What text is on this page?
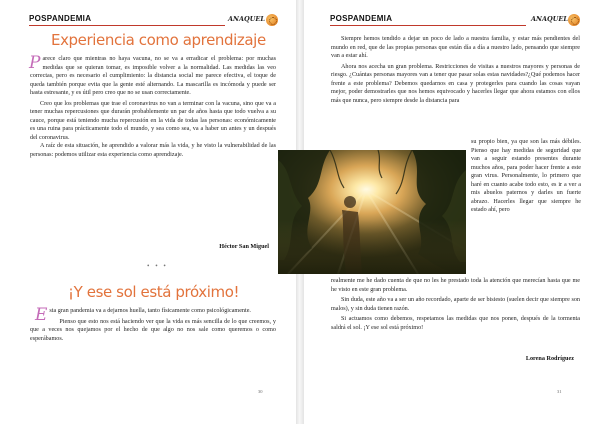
POSPANDEMIA	ANAQUEL
Experiencia como aprendizaje

Parece claro que mientras no haya vacuna, no se va a erradicar el problema: por muchas medidas que se quieran tomar, es imposible volver a la normalidad. Las medidas las veo correctas, pero es necesario el cumplimiento: la distancia social me parece efectiva, el toque de queda también porque evita que la gente esté alternando. La mascarilla es incómoda y puede ser hasta estresante, y es útil pero creo que no se usan correctamente.

Creo que los problemas que trae el coronavirus no van a terminar con la vacuna, sino que va a tener muchas repercusiones que durarán probablemente un par de años hasta que todo vuelva a su cauce, porque está teniendo mucha repercusión en la vida de todas las personas: económicamente es una ruina para prácticamente todo el mundo, y sea como sea, va a haber un antes y un después del coronavirus.

A raíz de esta situación, he aprendido a valorar más la vida, y he visto la vulnerabilidad de las personas: podemos utilizar esta experiencia como aprendizaje.

Héctor San Miguel
• • •
¡Y ese sol está próximo!

Esta gran pandemia va a dejarnos huella, tanto físicamente como psicológicamente.

Pienso que esto nos está haciendo ver que la vida es más sencilla de lo que creemos, y que a veces nos quejamos por el hecho de que algo no nos sale como queremos o como esperábamos.

30
POSPANDEMIA	ANAQUEL

Siempre hemos tendido a dejar un poco de lado a nuestra familia, y estar más pendientes del mundo en red, que de las propias personas que están día a día a nuestro lado, pensando que siempre van a estar ahí.

Ahora nos acecha un gran problema. Restricciones de visitas a nuestros mayores y personas de riesgo. ¿Cuántas personas mayores van a tener que pasar solas estas navidades?¿Qué podemos hacer frente a este problema? Debemos quedarnos en casa y protegerles para cuando las cosas vayan mejor, poder demostrarles que nos hemos equivocado y hacerles llegar que ahora estamos con ellos más que nunca, pero siempre desde la distancia para

su propio bien, ya que son las más débiles. Pienso que hay medidas de seguridad que van a seguir estando presentes durante muchos años, para poder hacer frente a este gran virus. Personalmente, lo primero que haré en cuanto acabe todo esto, es ir a ver a mis abuelos paternos y darles un fuerte abrazo. Hacerles llegar que siempre he estado ahí, pero

realmente me he dado cuenta de que no les he prestado toda la atención que merecían hasta que me he visto en este gran problema.

Sin duda, este año va a ser un año recordado, aparte de ser bisiesto (suelen decir que siempre son malos), y sin duda tienen razón.

Si actuamos como debemos, respetamos las medidas que nos ponen, después de la tormenta saldrá el sol. ¡Y ese sol está próximo!

Lorena Rodríguez
31
